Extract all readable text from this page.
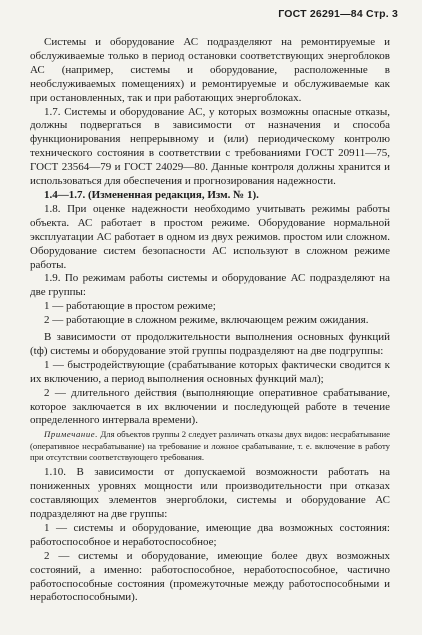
ГОСТ 26291—84 Стр. 3

Системы и оборудование АС подразделяют на ремонтируемые и обслуживаемые только в период остановки соответствующих энергоблоков АС (например, системы и оборудование, расположенные в необслуживаемых помещениях) и ремонтируемые и обслуживаемые как при остановленных, так и при работающих энергоблоках.

1.7. Системы и оборудование АС, у которых возможны опасные отказы, должны подвергаться в зависимости от назначения и способа функционирования непрерывному и (или) периодическому контролю технического состояния в соответствии с требованиями ГОСТ 20911—75, ГОСТ 23564—79 и ГОСТ 24029—80. Данные контроля должны хранится и использоваться для обеспечения и прогнозирования надежности.

1.4—1.7. (Измененная редакция, Изм. № 1).

1.8. При оценке надежности необходимо учитывать режимы работы объекта. АС работает в простом режиме. Оборудование нормальной эксплуатации АС работает в одном из двух режимов. простом или сложном. Оборудование систем безопасности АС используют в сложном режиме работы.

1.9. По режимам работы системы и оборудование АС подразделяют на две группы:

1 — работающие в простом режиме;

2 — работающие в сложном режиме, включающем режим ожидания.

В зависимости от продолжительности выполнения основных функций (tф) системы и оборудование этой группы подразделяют на две подгруппы:

1 — быстродействующие (срабатывание которых фактически сводится к их включению, а период выполнения основных функций мал);

2 — длительного действия (выполняющие оперативное срабатывание, которое заключается в их включении и последующей работе в течение определенного интервала времени).

Примечание. Для объектов группы 2 следует различать отказы двух видов: несрабатывание (оперативное несрабатывание) на требование и ложное срабатывание, т. е. включение в работу при отсутствии соответствующего требования.

1.10. В зависимости от допускаемой возможности работать на пониженных уровнях мощности или производительности при отказах составляющих элементов энергоблоки, системы и оборудование АС подразделяют на две группы:

1 — системы и оборудование, имеющие два возможных состояния: работоспособное и неработоспособное;

2 — системы и оборудование, имеющие более двух возможных состояний, а именно: работоспособное, неработоспособное, частично работоспособные состояния (промежуточные между работоспособными и неработоспособными).
